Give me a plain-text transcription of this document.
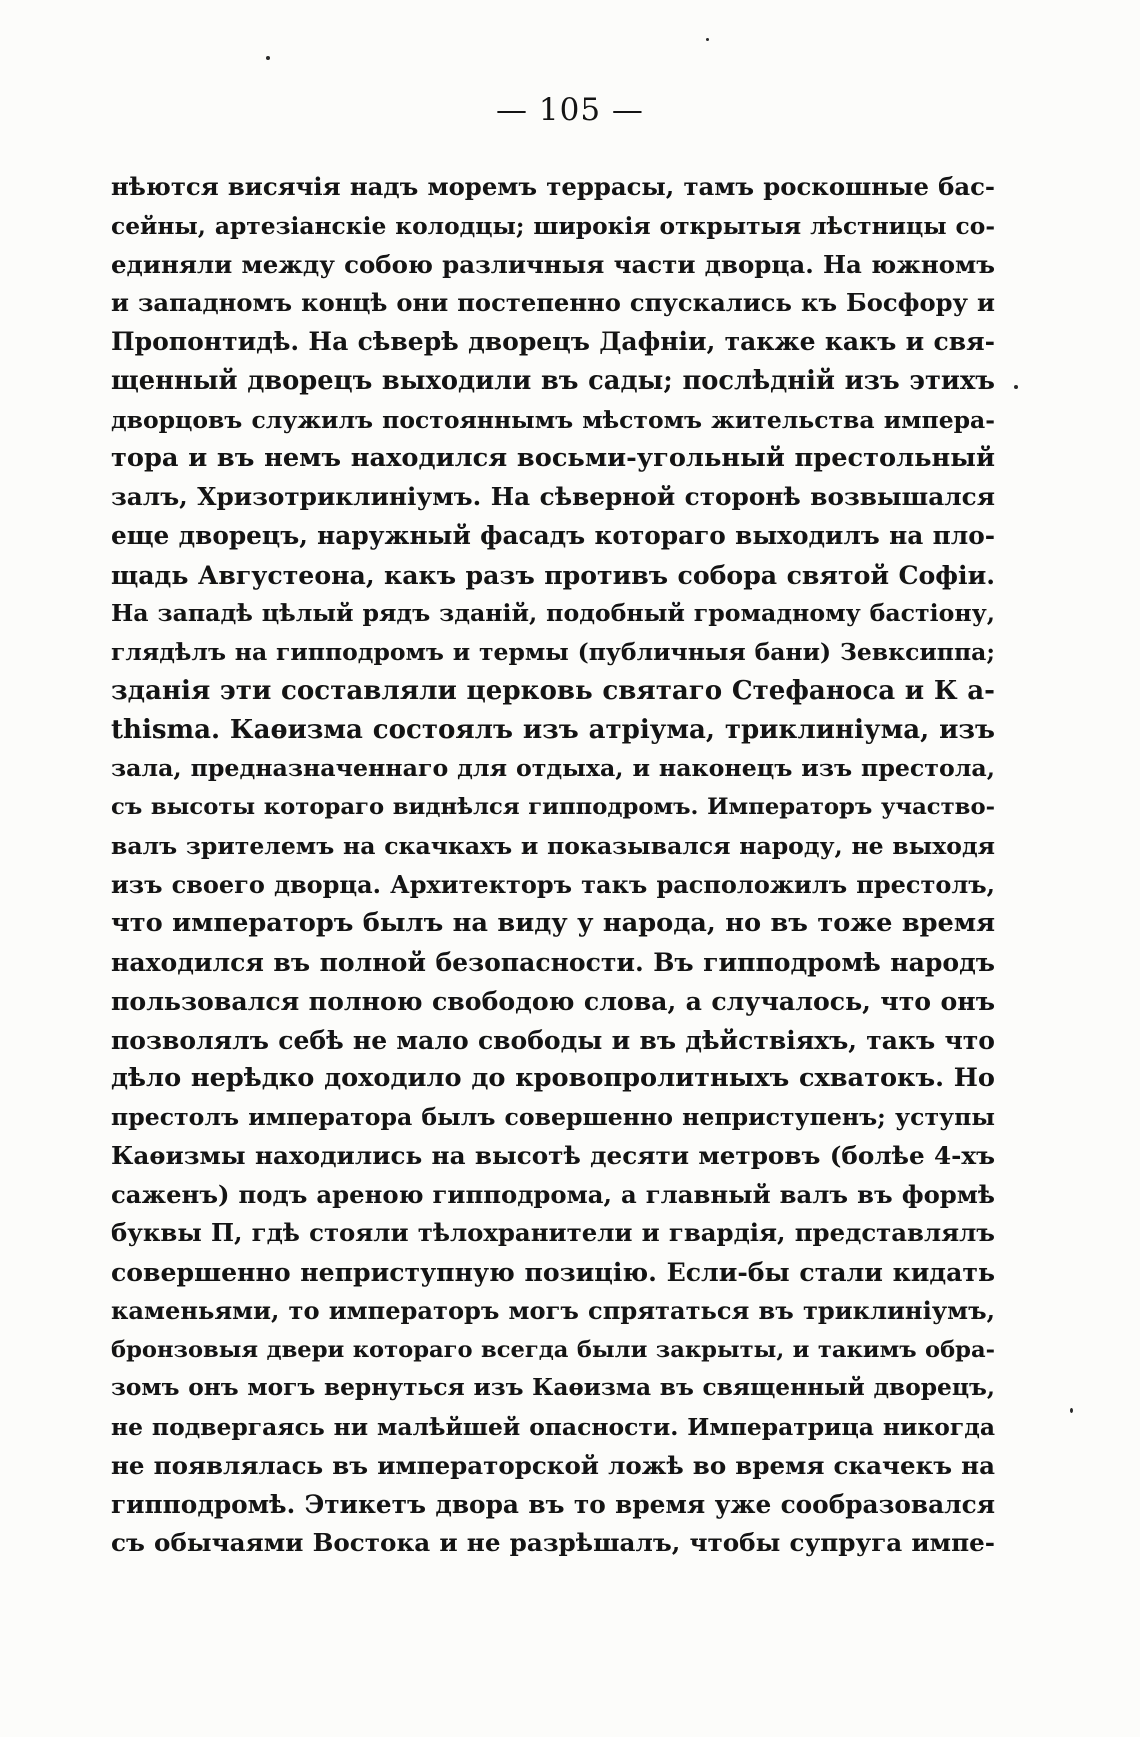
— 105 —
нѣются висячія надъ моремъ террасы, тамъ роскошные бас-
сейны, артезіанскіе колодцы; широкія открытыя лѣстницы со-
единяли между собою различныя части дворца. На южномъ
и западномъ концѣ они постепенно спускались къ Босфору и
Пропонтидѣ. На сѣверѣ дворецъ Дафніи, также какъ и свя-
щенный дворецъ выходили въ сады; послѣдній изъ этихъ
дворцовъ служилъ постояннымъ мѣстомъ жительства импера-
тора и въ немъ находился восьми-угольный престольный
залъ, Хризотриклиніумъ. На сѣверной сторонѣ возвышался
еще дворецъ, наружный фасадъ котораго выходилъ на пло-
щадь Августеона, какъ разъ противъ собора святой Софіи.
На западѣ цѣлый рядъ зданій, подобный громадному бастіону,
глядѣлъ на гипподромъ и термы (публичныя бани) Зевксиппа;
зданія эти составляли церковь святаго Стефаноса и К a-
thisma. Каѳизма состоялъ изъ атріума, триклиніума, изъ
зала, предназначеннаго для отдыха, и наконецъ изъ престола,
съ высоты котораго виднѣлся гипподромъ. Императоръ участво-
валъ зрителемъ на скачкахъ и показывался народу, не выходя
изъ своего дворца. Архитекторъ такъ расположилъ престолъ,
что императоръ былъ на виду у народа, но въ тоже время
находился въ полной безопасности. Въ гипподромѣ народъ
пользовался полною свободою слова, а случалось, что онъ
позволялъ себѣ не мало свободы и въ дѣйствіяхъ, такъ что
дѣло нерѣдко доходило до кровопролитныхъ схватокъ. Но
престолъ императора былъ совершенно неприступенъ; уступы
Каѳизмы находились на высотѣ десяти метровъ (болѣе 4-хъ
саженъ) подъ ареною гипподрома, а главный валъ въ формѣ
буквы П, гдѣ стояли тѣлохранители и гвардія, представлялъ
совершенно неприступную позицію. Если-бы стали кидать
каменьями, то императоръ могъ спрятаться въ триклиніумъ,
бронзовыя двери котораго всегда были закрыты, и такимъ обра-
зомъ онъ могъ вернуться изъ Каѳизма въ священный дворецъ,
не подвергаясь ни малѣйшей опасности. Императрица никогда
не появлялась въ императорской ложѣ во время скачекъ на
гипподромѣ. Этикетъ двора въ то время уже сообразовался
съ обычаями Востока и не разрѣшалъ, чтобы супруга импе-
